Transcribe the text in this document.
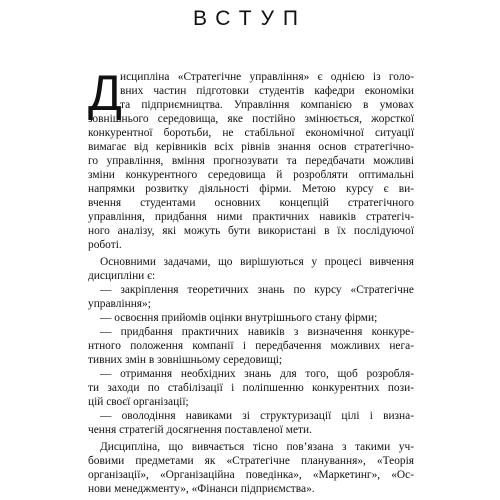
ВСТУП
Д
исципліна «Стратегічне управління» є однією із голо-
вних частин підготовки студентів кафедри економіки
та підприємництва. Управління компанією в умовах
зовнішнього середовища, яке постійно змінюється, жорсткої
конкурентної боротьби, не стабільної економічної ситуації
вимагає від керівників всіх рівнів знання основ стратегічно-
го управління, вміння прогнозувати та передбачати можливі
зміни конкурентного середовища й розробляти оптимальні
напрямки розвитку діяльності фірми. Метою курсу є ви-
вчення студентами основних концепцій стратегічного
управління, придбання ними практичних навиків стратегіч-
ного аналізу, які можуть бути використані в їх послідуючої
роботі.
Основними задачами, що вирішуються у процесі вивчення
дисципліни є:
— закріплення теоретичних знань по курсу «Стратегічне
управління»;
— освоєння прийомів оцінки внутрішнього стану фірми;
— придбання практичних навиків з визначення конкуре-
нтного положення компанії і передбачення можливих нега-
тивних змін в зовнішньому середовищі;
— отримання необхідних знань для того, щоб розробля-
ти заходи по стабілізації і поліпшенню конкурентних пози-
цій своєї організації;
— оволодіння навиками зі структуризації цілі і визна-
чення стратегій досягнення поставленої мети.
Дисципліна, що вивчається тісно пов’язана з такими уч-
бовими предметами як «Стратегічне планування», «Теорія
організації», «Організаційна поведінка», «Маркетинг», «Ос-
нови менеджменту», «Фінанси підприємства».
